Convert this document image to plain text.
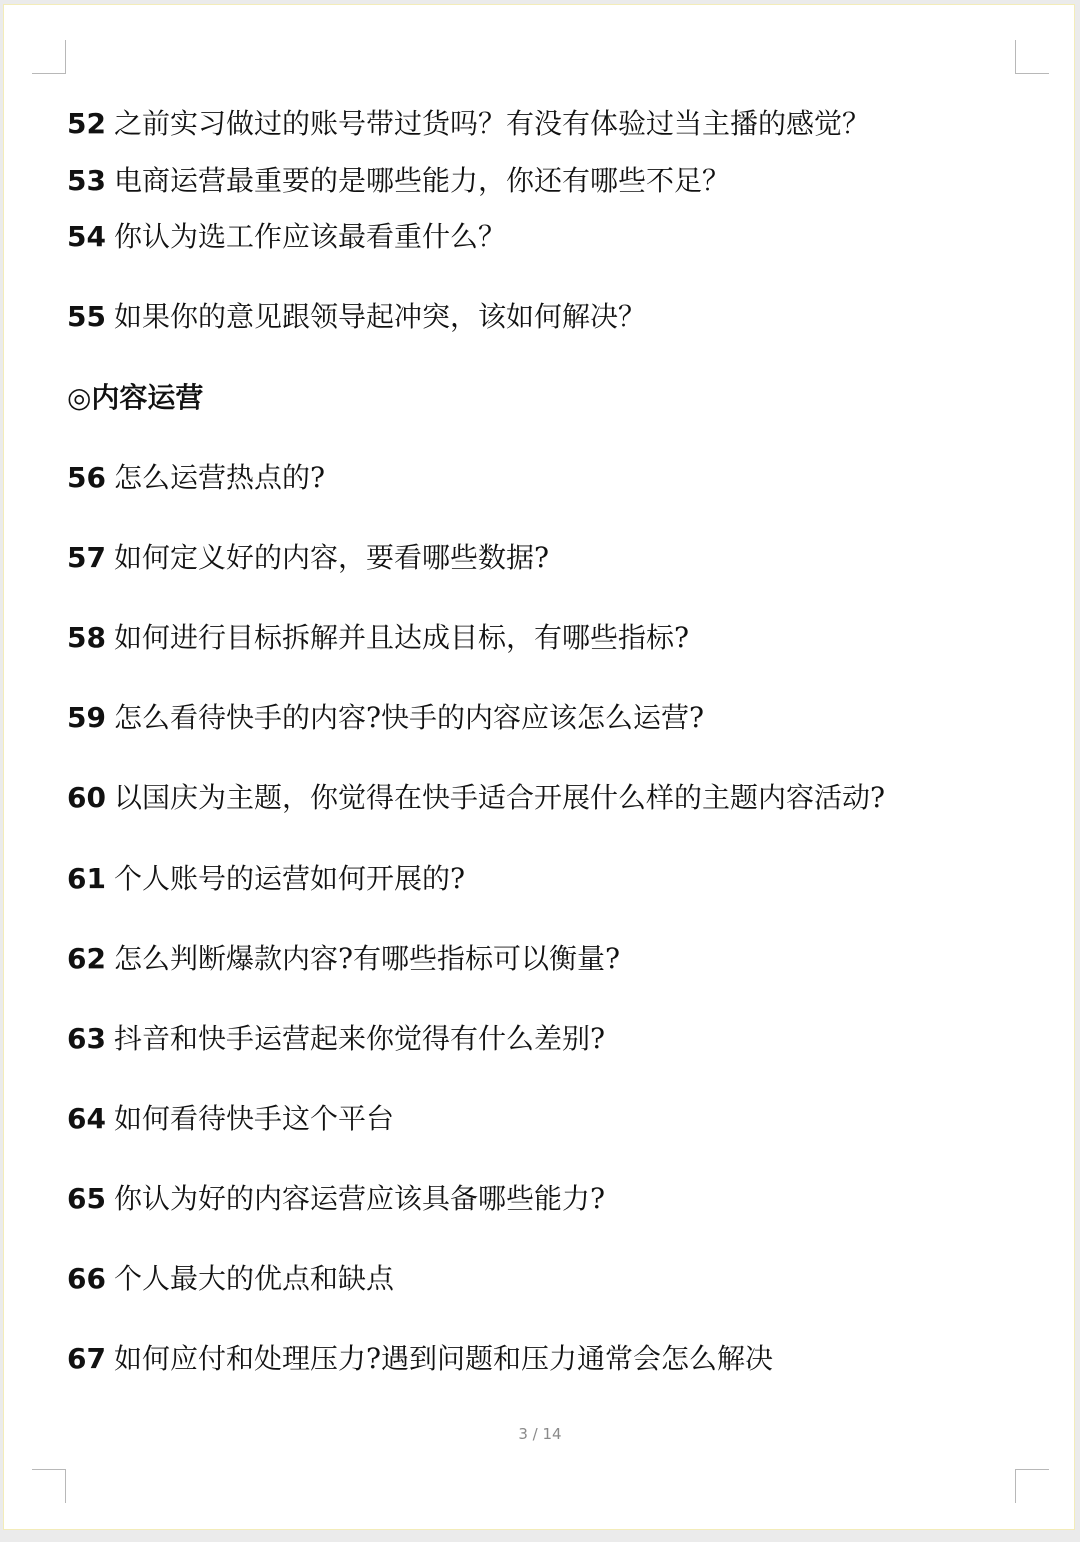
52 之前实习做过的账号带过货吗？有没有体验过当主播的感觉？
53 电商运营最重要的是哪些能力，你还有哪些不足？
54 你认为选工作应该最看重什么？
55 如果你的意见跟领导起冲突，该如何解决？
◎内容运营
56 怎么运营热点的?
57 如何定义好的内容，要看哪些数据?
58 如何进行目标拆解并且达成目标，有哪些指标?
59 怎么看待快手的内容?快手的内容应该怎么运营?
60 以国庆为主题，你觉得在快手适合开展什么样的主题内容活动?
61 个人账号的运营如何开展的?
62 怎么判断爆款内容?有哪些指标可以衡量?
63 抖音和快手运营起来你觉得有什么差别?
64 如何看待快手这个平台
65 你认为好的内容运营应该具备哪些能力?
66 个人最大的优点和缺点
67 如何应付和处理压力?遇到问题和压力通常会怎么解决
3 / 14
